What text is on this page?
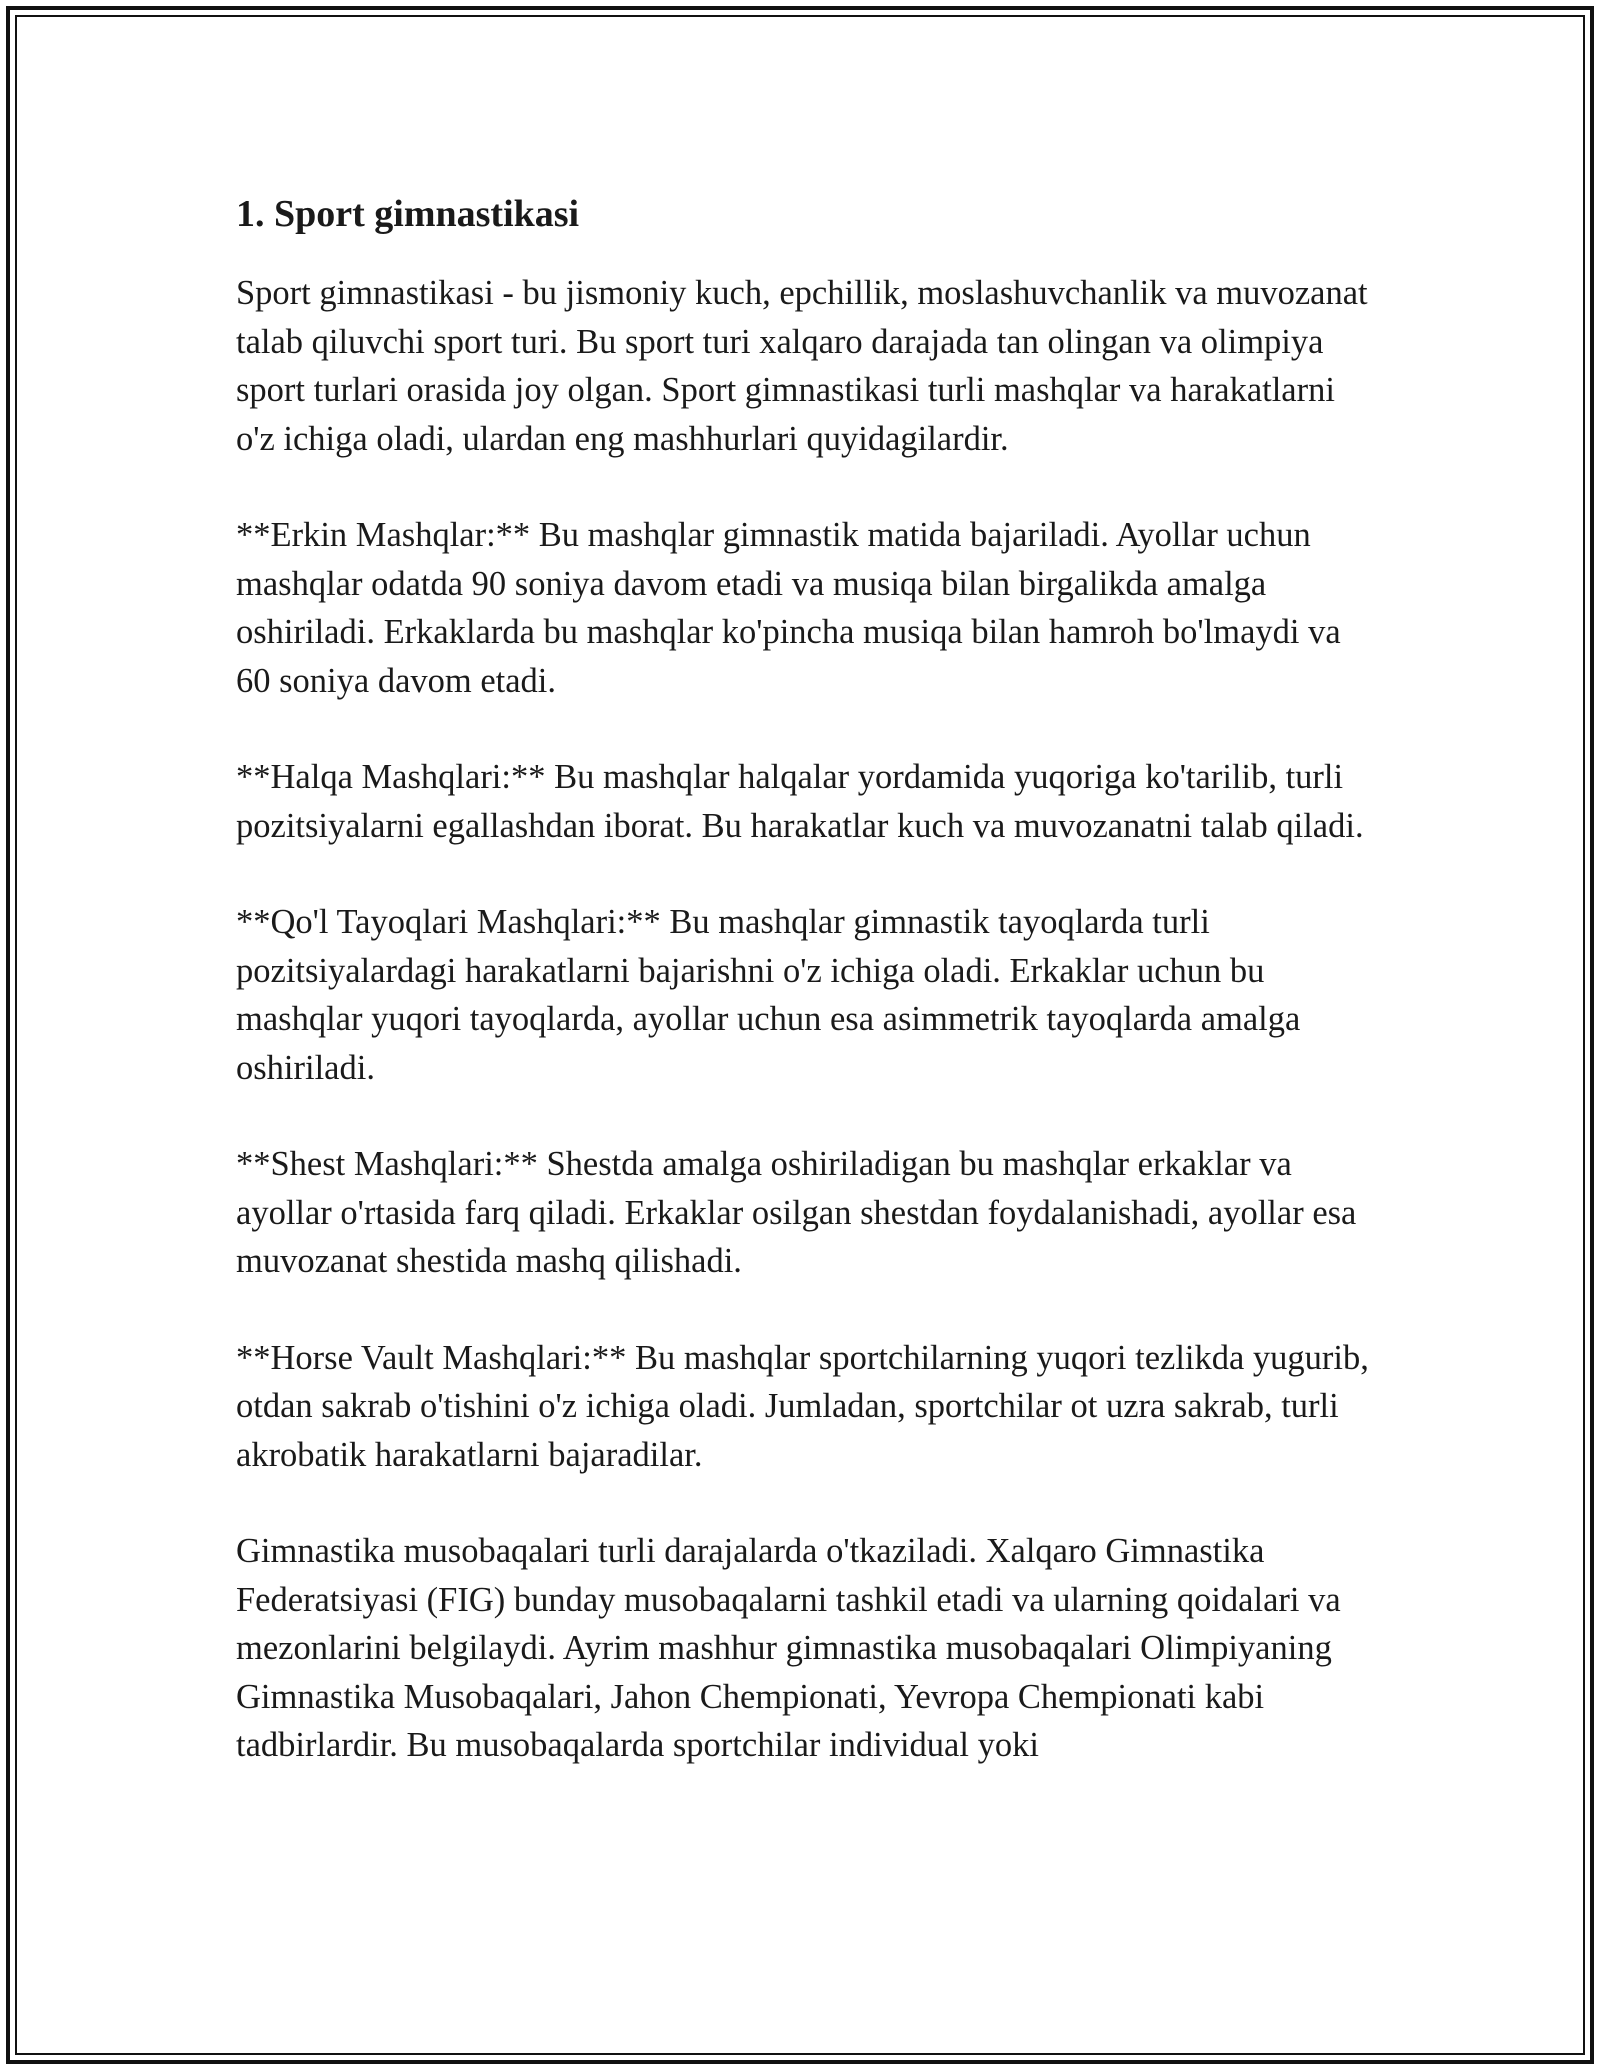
1. Sport gimnastikasi

Sport gimnastikasi - bu jismoniy kuch, epchillik, moslashuvchanlik va muvozanat talab qiluvchi sport turi. Bu sport turi xalqaro darajada tan olingan va olimpiya sport turlari orasida joy olgan. Sport gimnastikasi turli mashqlar va harakatlarni o'z ichiga oladi, ulardan eng mashhurlari quyidagilardir.

**Erkin Mashqlar:** Bu mashqlar gimnastik matida bajariladi. Ayollar uchun mashqlar odatda 90 soniya davom etadi va musiqa bilan birgalikda amalga oshiriladi. Erkaklarda bu mashqlar ko'pincha musiqa bilan hamroh bo'lmaydi va 60 soniya davom etadi.

**Halqa Mashqlari:** Bu mashqlar halqalar yordamida yuqoriga ko'tarilib, turli pozitsiyalarni egallashdan iborat. Bu harakatlar kuch va muvozanatni talab qiladi.

**Qo'l Tayoqlari Mashqlari:** Bu mashqlar gimnastik tayoqlarda turli pozitsiyalardagi harakatlarni bajarishni o'z ichiga oladi. Erkaklar uchun bu mashqlar yuqori tayoqlarda, ayollar uchun esa asimmetrik tayoqlarda amalga oshiriladi.

**Shest Mashqlari:** Shestda amalga oshiriladigan bu mashqlar erkaklar va ayollar o'rtasida farq qiladi. Erkaklar osilgan shestdan foydalanishadi, ayollar esa muvozanat shestida mashq qilishadi.

**Horse Vault Mashqlari:** Bu mashqlar sportchilarning yuqori tezlikda yugurib, otdan sakrab o'tishini o'z ichiga oladi. Jumladan, sportchilar ot uzra sakrab, turli akrobatik harakatlarni bajaradilar.

Gimnastika musobaqalari turli darajalarda o'tkaziladi. Xalqaro Gimnastika Federatsiyasi (FIG) bunday musobaqalarni tashkil etadi va ularning qoidalari va mezonlarini belgilaydi. Ayrim mashhur gimnastika musobaqalari Olimpiyaning Gimnastika Musobaqalari, Jahon Chempionati, Yevropa Chempionati kabi tadbirlardir. Bu musobaqalarda sportchilar individual yoki
